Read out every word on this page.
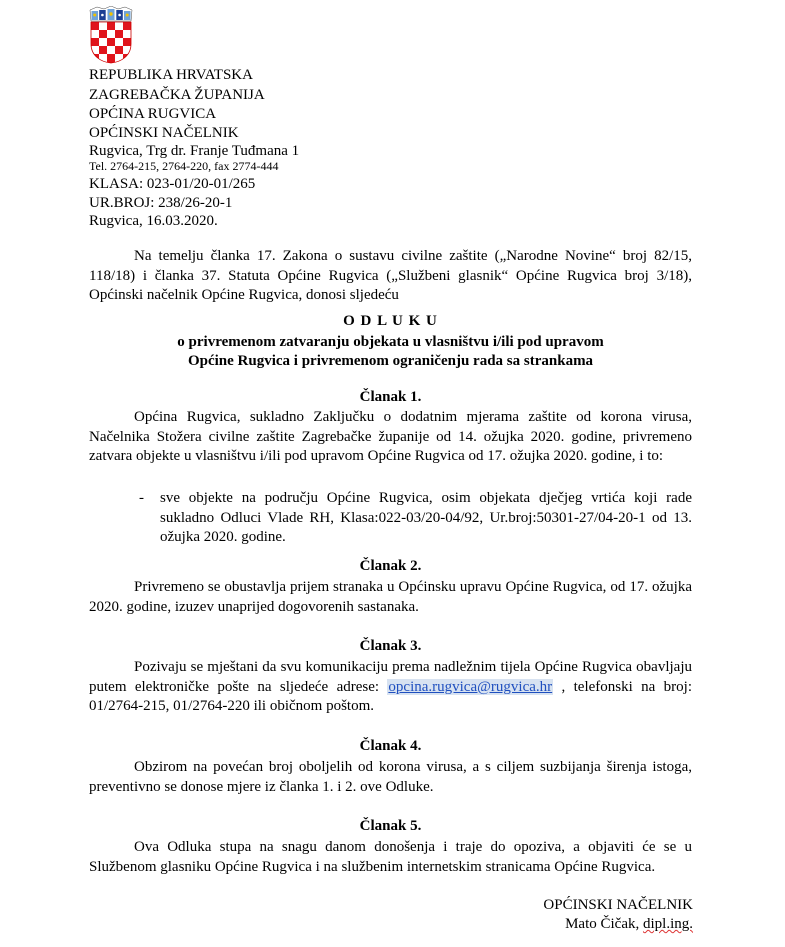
REPUBLIKA HRVATSKA
ZAGREBAČKA ŽUPANIJA
OPĆINA RUGVICA
OPĆINSKI NAČELNIK
Rugvica, Trg dr. Franje Tuđmana 1
Tel. 2764-215, 2764-220, fax 2774-444
KLASA: 023-01/20-01/265
UR.BROJ: 238/26-20-1
Rugvica, 16.03.2020.
Na temelju članka 17. Zakona o sustavu civilne zaštite („Narodne Novine“ broj 82/15, 118/18) i članka 37. Statuta Općine Rugvica („Službeni glasnik“ Općine Rugvica broj 3/18), Općinski načelnik Općine Rugvica, donosi sljedeću
O D L U K U
o privremenom zatvaranju objekata u vlasništvu i/ili pod upravom
Općine Rugvica i privremenom ograničenju rada sa strankama
Članak 1.
Općina Rugvica, sukladno Zaključku o dodatnim mjerama zaštite od korona virusa, Načelnika Stožera civilne zaštite Zagrebačke županije od 14. ožujka 2020. godine, privremeno zatvara objekte u vlasništvu i/ili pod upravom Općine Rugvica od 17. ožujka 2020. godine, i to:
- sve objekte na području Općine Rugvica, osim objekata dječjeg vrtića koji rade sukladno Odluci Vlade RH, Klasa:022-03/20-04/92, Ur.broj:50301-27/04-20-1 od 13. ožujka 2020. godine.
Članak 2.
Privremeno se obustavlja prijem stranaka u Općinsku upravu Općine Rugvica, od 17. ožujka 2020. godine, izuzev unaprijed dogovorenih sastanaka.
Članak 3.
Pozivaju se mještani da svu komunikaciju prema nadležnim tijela Općine Rugvica obavljaju putem elektroničke pošte na sljedeće adrese: opcina.rugvica@rugvica.hr , telefonski na broj: 01/2764-215, 01/2764-220 ili običnom poštom.
Članak 4.
Obzirom na povećan broj oboljelih od korona virusa, a s ciljem suzbijanja širenja istoga, preventivno se donose mjere iz članka 1. i 2. ove Odluke.
Članak 5.
Ova Odluka stupa na snagu danom donošenja i traje do opoziva, a objaviti će se u Službenom glasniku Općine Rugvica i na službenim internetskim stranicama Općine Rugvica.
OPĆINSKI NAČELNIK
Mato Čičak, dipl.ing.
